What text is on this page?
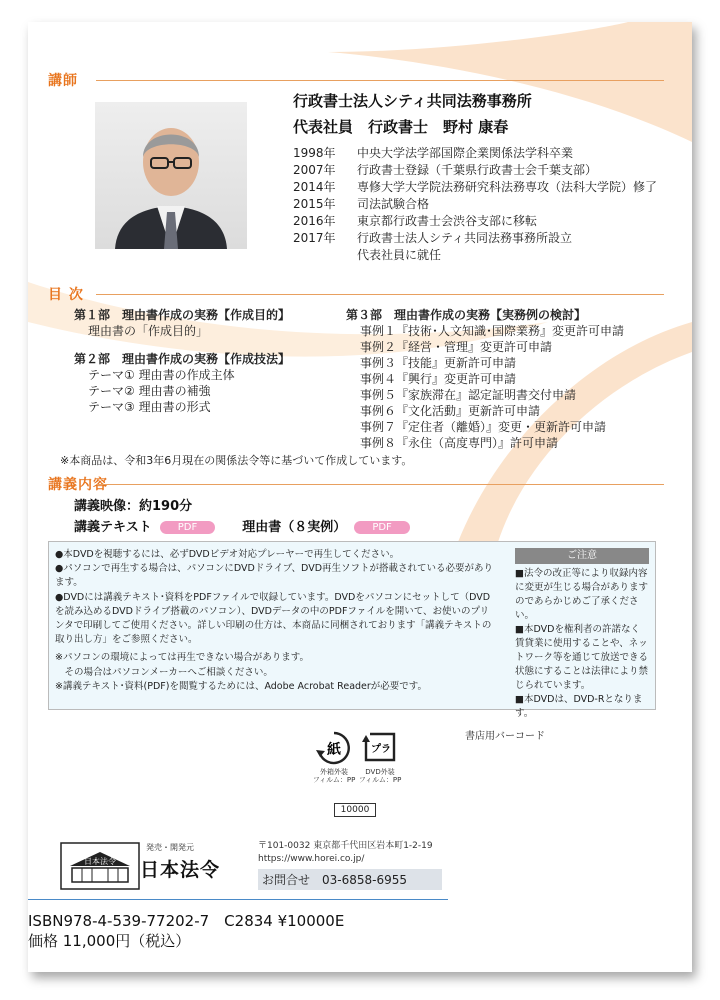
講師
行政書士法人シティ共同法務事務所
代表社員　行政書士　野村 康春
1998年	中央大学法学部国際企業関係法学科卒業
2007年	行政書士登録（千葉県行政書士会千葉支部）
2014年	専修大学大学院法務研究科法務専攻（法科大学院）修了
2015年	司法試験合格
2016年	東京都行政書士会渋谷支部に移転
2017年	行政書士法人シティ共同法務事務所設立
代表社員に就任
目 次
第１部　理由書作成の実務【作成目的】
理由書の「作成目的」
第２部　理由書作成の実務【作成技法】
テーマ① 理由書の作成主体
テーマ② 理由書の補強
テーマ③ 理由書の形式
第３部　理由書作成の実務【実務例の検討】
事例１『技術･人文知識･国際業務』変更許可申請
事例２『経営・管理』変更許可申請
事例３『技能』更新許可申請
事例４『興行』変更許可申請
事例５『家族滞在』認定証明書交付申請
事例６『文化活動』更新許可申請
事例７『定住者（離婚）』変更・更新許可申請
事例８『永住（高度専門）』許可申請
※本商品は、令和3年6月現在の関係法令等に基づいて作成しています。
講義内容
講義映像：約190分
講義テキスト	PDF	理由書（８実例）	PDF
●本DVDを視聴するには、必ずDVDビデオ対応プレーヤーで再生してください。
●パソコンで再生する場合は、パソコンにDVDドライブ、DVD再生ソフトが搭載されている必要があります。
●DVDには講義テキスト･資料をPDFファイルで収録しています。DVDをパソコンにセットして（DVDを読み込めるDVDドライブ搭載のパソコン）、DVDデータの中のPDFファイルを開いて、お使いのプリンタで印刷してご使用ください。詳しい印刷の仕方は、本商品に同梱されております「講義テキストの取り出し方」をご参照ください。
※パソコンの環境によっては再生できない場合があります。
　その場合はパソコンメーカーへご相談ください。
※講義テキスト･資料(PDF)を閲覧するためには、Adobe Acrobat Readerが必要です。
ご注意
■法令の改正等により収録内容に変更が生じる場合がありますのであらかじめご了承ください。
■本DVDを権利者の許諾なく賃貸業に使用することや、ネットワーク等を通じて放送できる状態にすることは法律により禁じられています。
■本DVDは、DVD-Rとなります。
書店用バーコード
紙
外箱外装
フィルム：PP
プラ
DVD外装
フィルム：PP
10000
日本法令
発売・開発元
日本法令
〒101-0032 東京都千代田区岩本町1-2-19
https://www.horei.co.jp/
お問合せ　03-6858-6955
ISBN978-4-539-77202-7　C2834 ¥10000E
価格 11,000円（税込）
